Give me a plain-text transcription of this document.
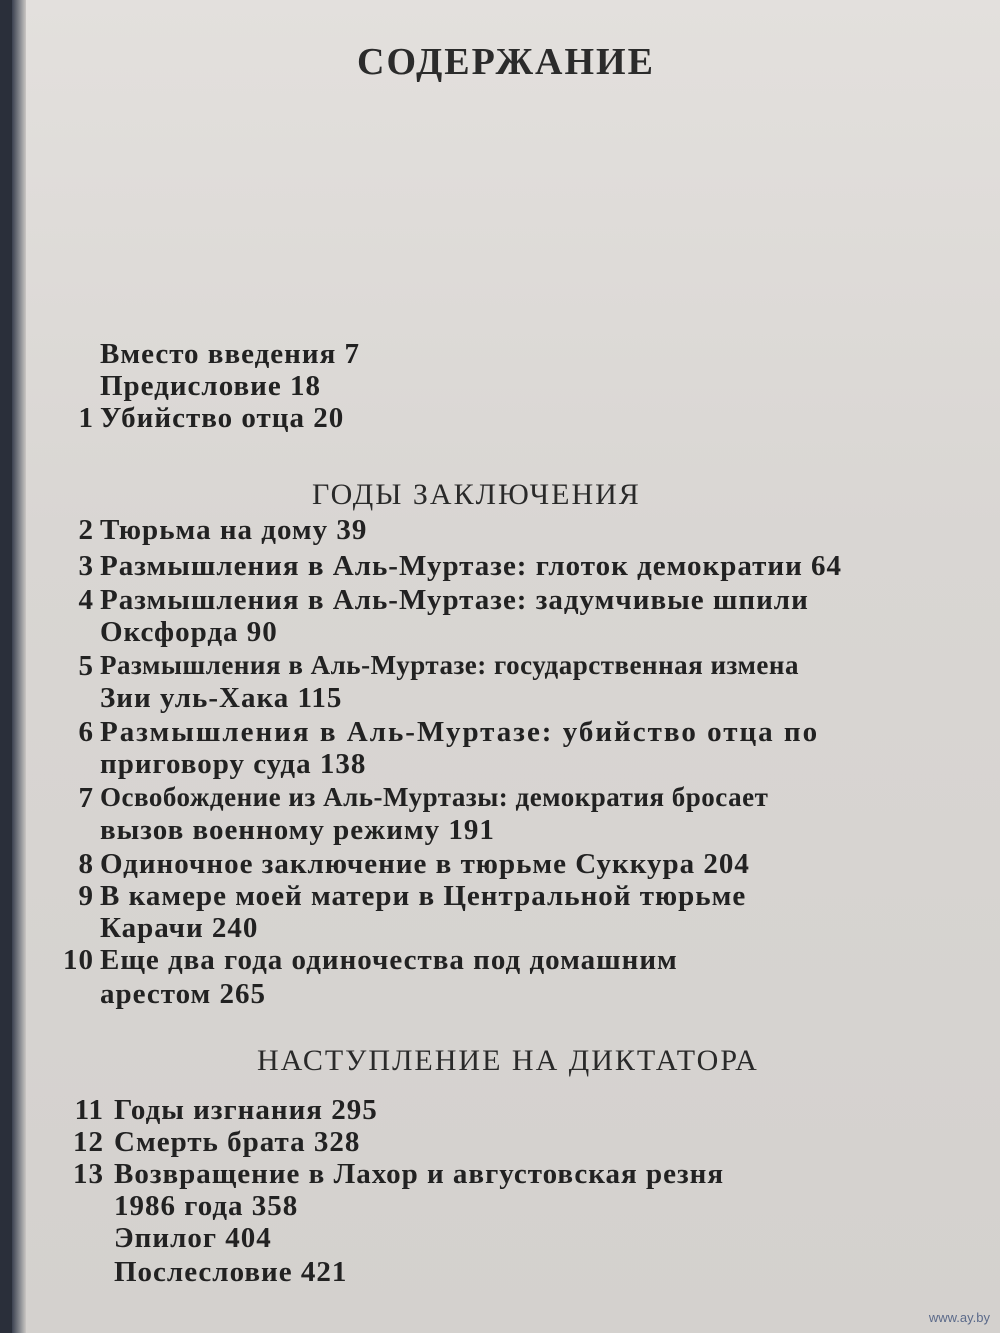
СОДЕРЖАНИЕ
Вместо введения 7
Предисловие 18
1 Убийство отца 20
ГОДЫ ЗАКЛЮЧЕНИЯ
2 Тюрьма на дому 39
3 Размышления в Аль-Муртазе: глоток демократии 64
4 Размышления в Аль-Муртазе: задумчивые шпили
Оксфорда 90
5 Размышления в Аль-Муртазе: государственная измена
Зии уль-Хака 115
6 Размышления в Аль-Муртазе: убийство отца по
приговору суда 138
7 Освобождение из Аль-Муртазы: демократия бросает
вызов военному режиму 191
8 Одиночное заключение в тюрьме Суккура 204
9 В камере моей матери в Центральной тюрьме
Карачи 240
10 Еще два года одиночества под домашним
арестом 265
НАСТУПЛЕНИЕ НА ДИКТАТОРА
11 Годы изгнания 295
12 Смерть брата 328
13 Возвращение в Лахор и августовская резня
1986 года 358
Эпилог 404
Послесловие 421
www.ay.by
